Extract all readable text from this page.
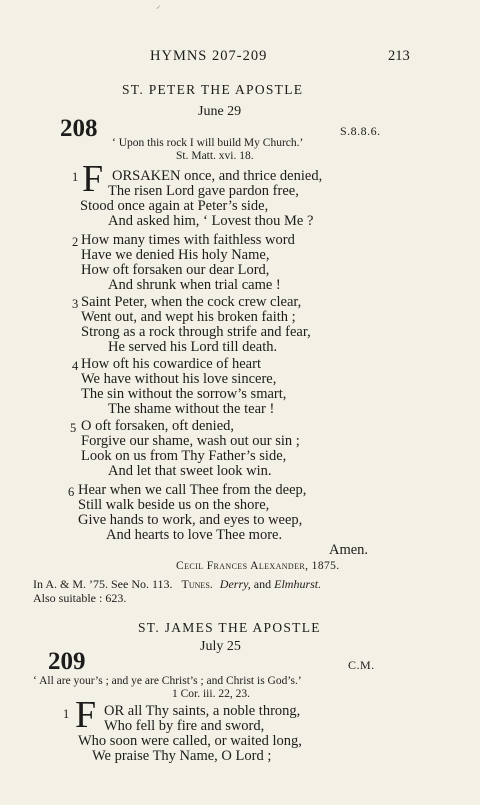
⸍
HYMNS 207-209	213
ST. PETER THE APOSTLE
June 29
208	S.8.8.6.
‘ Upon this rock I will build My Church.’
St. Matt. xvi. 18.
1 F ORSAKEN once, and thrice denied,
The risen Lord gave pardon free,
Stood once again at Peter’s side,
And asked him, ‘ Lovest thou Me ?
2 How many times with faithless word
Have we denied His holy Name,
How oft forsaken our dear Lord,
And shrunk when trial came !
3 Saint Peter, when the cock crew clear,
Went out, and wept his broken faith ;
Strong as a rock through strife and fear,
He served his Lord till death.
4 How oft his cowardice of heart
We have without his love sincere,
The sin without the sorrow’s smart,
The shame without the tear !
5 O oft forsaken, oft denied,
Forgive our shame, wash out our sin ;
Look on us from Thy Father’s side,
And let that sweet look win.
6 Hear when we call Thee from the deep,
Still walk beside us on the shore,
Give hands to work, and eyes to weep,
And hearts to love Thee more.
Amen.
Cecil Frances Alexander, 1875.
In A. & M. ’75. See No. 113. Tunes. Derry, and Elmhurst.
Also suitable : 623.
ST. JAMES THE APOSTLE
July 25
209	C.M.
‘ All are your’s ; and ye are Christ’s ; and Christ is God’s.’
1 Cor. iii. 22, 23.
1 F OR all Thy saints, a noble throng,
Who fell by fire and sword,
Who soon were called, or waited long,
We praise Thy Name, O Lord ;
